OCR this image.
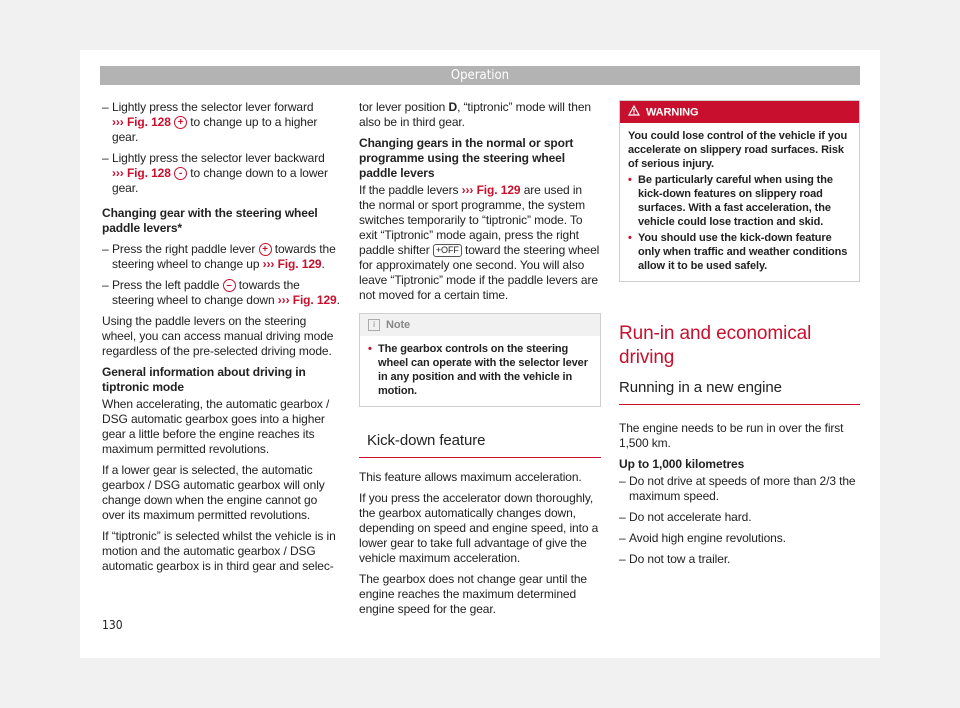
Operation
– Lightly press the selector lever forward
››› Fig. 128 + to change up to a higher gear.
– Lightly press the selector lever backward
››› Fig. 128 - to change down to a lower gear.

Changing gear with the steering wheel paddle levers*

– Press the right paddle lever + towards the steering wheel to change up ››› Fig. 129.
– Press the left paddle – towards the steering wheel to change down ››› Fig. 129.

Using the paddle levers on the steering wheel, you can access manual driving mode regardless of the pre-selected driving mode.

General information about driving in tiptronic mode

When accelerating, the automatic gearbox / DSG automatic gearbox goes into a higher gear a little before the engine reaches its maximum permitted revolutions.

If a lower gear is selected, the automatic gearbox / DSG automatic gearbox will only change down when the engine cannot go over its maximum permitted revolutions.

If “tiptronic” is selected whilst the vehicle is in motion and the automatic gearbox / DSG automatic gearbox is in third gear and selec-

tor lever position D, “tiptronic” mode will then also be in third gear.

Changing gears in the normal or sport programme using the steering wheel paddle levers

If the paddle levers ››› Fig. 129 are used in the normal or sport programme, the system switches temporarily to “tiptronic” mode. To exit “Tiptronic” mode again, press the right paddle shifter +OFF toward the steering wheel for approximately one second. You will also leave “Tiptronic” mode if the paddle levers are not moved for a certain time.

i Note
• The gearbox controls on the steering wheel can operate with the selector lever in any position and with the vehicle in motion.
Kick-down feature

This feature allows maximum acceleration.

If you press the accelerator down thoroughly, the gearbox automatically changes down, depending on speed and engine speed, into a lower gear to take full advantage of give the vehicle maximum acceleration.

The gearbox does not change gear until the engine reaches the maximum determined engine speed for the gear.

WARNING

You could lose control of the vehicle if you accelerate on slippery road surfaces. Risk of serious injury.

• Be particularly careful when using the kick-down features on slippery road surfaces. With a fast acceleration, the vehicle could lose traction and skid.
• You should use the kick-down feature only when traffic and weather conditions allow it to be used safely.
Run-in and economical driving
Running in a new engine

The engine needs to be run in over the first 1,500 km.

Up to 1,000 kilometres

– Do not drive at speeds of more than 2/3 the maximum speed.
– Do not accelerate hard.
– Avoid high engine revolutions.
– Do not tow a trailer.
130
